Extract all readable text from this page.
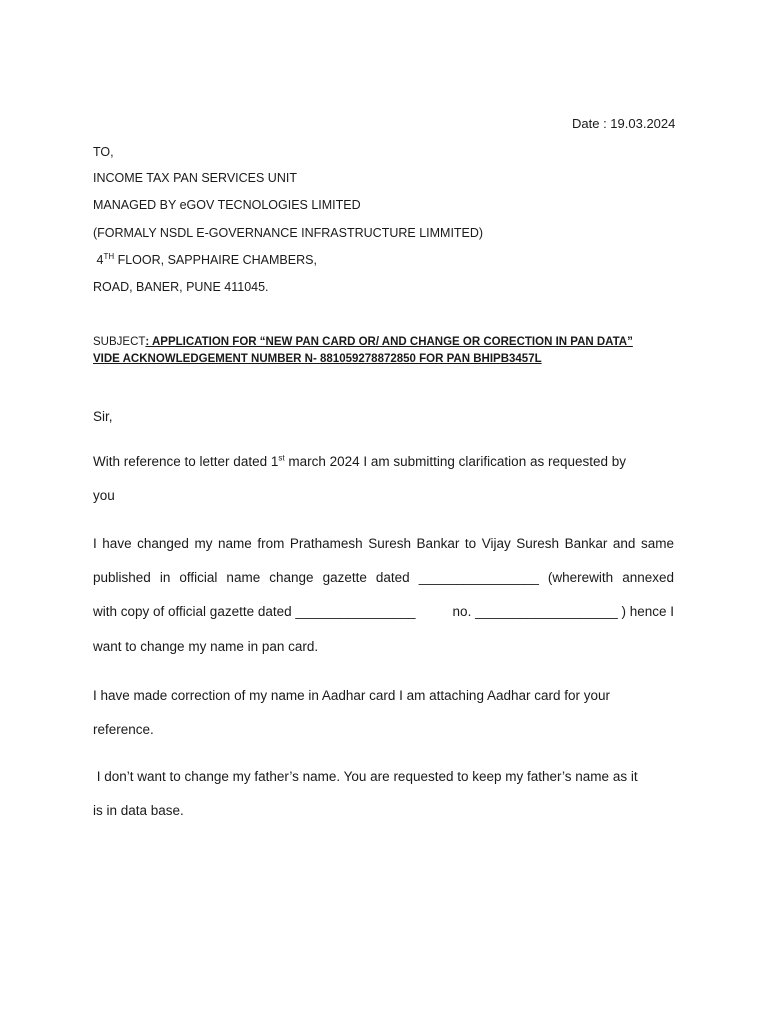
Date : 19.03.2024
TO,
INCOME TAX PAN SERVICES UNIT
MANAGED BY eGOV TECNOLOGIES LIMITED
(FORMALY NSDL E-GOVERNANCE INFRASTRUCTURE LIMMITED)
4TH FLOOR, SAPPHAIRE CHAMBERS,
ROAD, BANER, PUNE 411045.
SUBJECT: APPLICATION FOR “NEW PAN CARD OR/ AND CHANGE OR CORECTION IN PAN DATA”
VIDE ACKNOWLEDGEMENT NUMBER N- 881059278872850 FOR PAN BHIPB3457L
Sir,
With reference to letter dated 1st march 2024 I am submitting clarification as requested by
you
I have changed my name from Prathamesh Suresh Bankar to Vijay Suresh Bankar and same
published in official name change gazette dated ________________ (wherewith annexed
with copy of official gazette dated ________________	no. ___________________ ) hence I
want to change my name in pan card.
I have made correction of my name in Aadhar card I am attaching Aadhar card for your
reference.
I don’t want to change my father’s name. You are requested to keep my father’s name as it
is in data base.
